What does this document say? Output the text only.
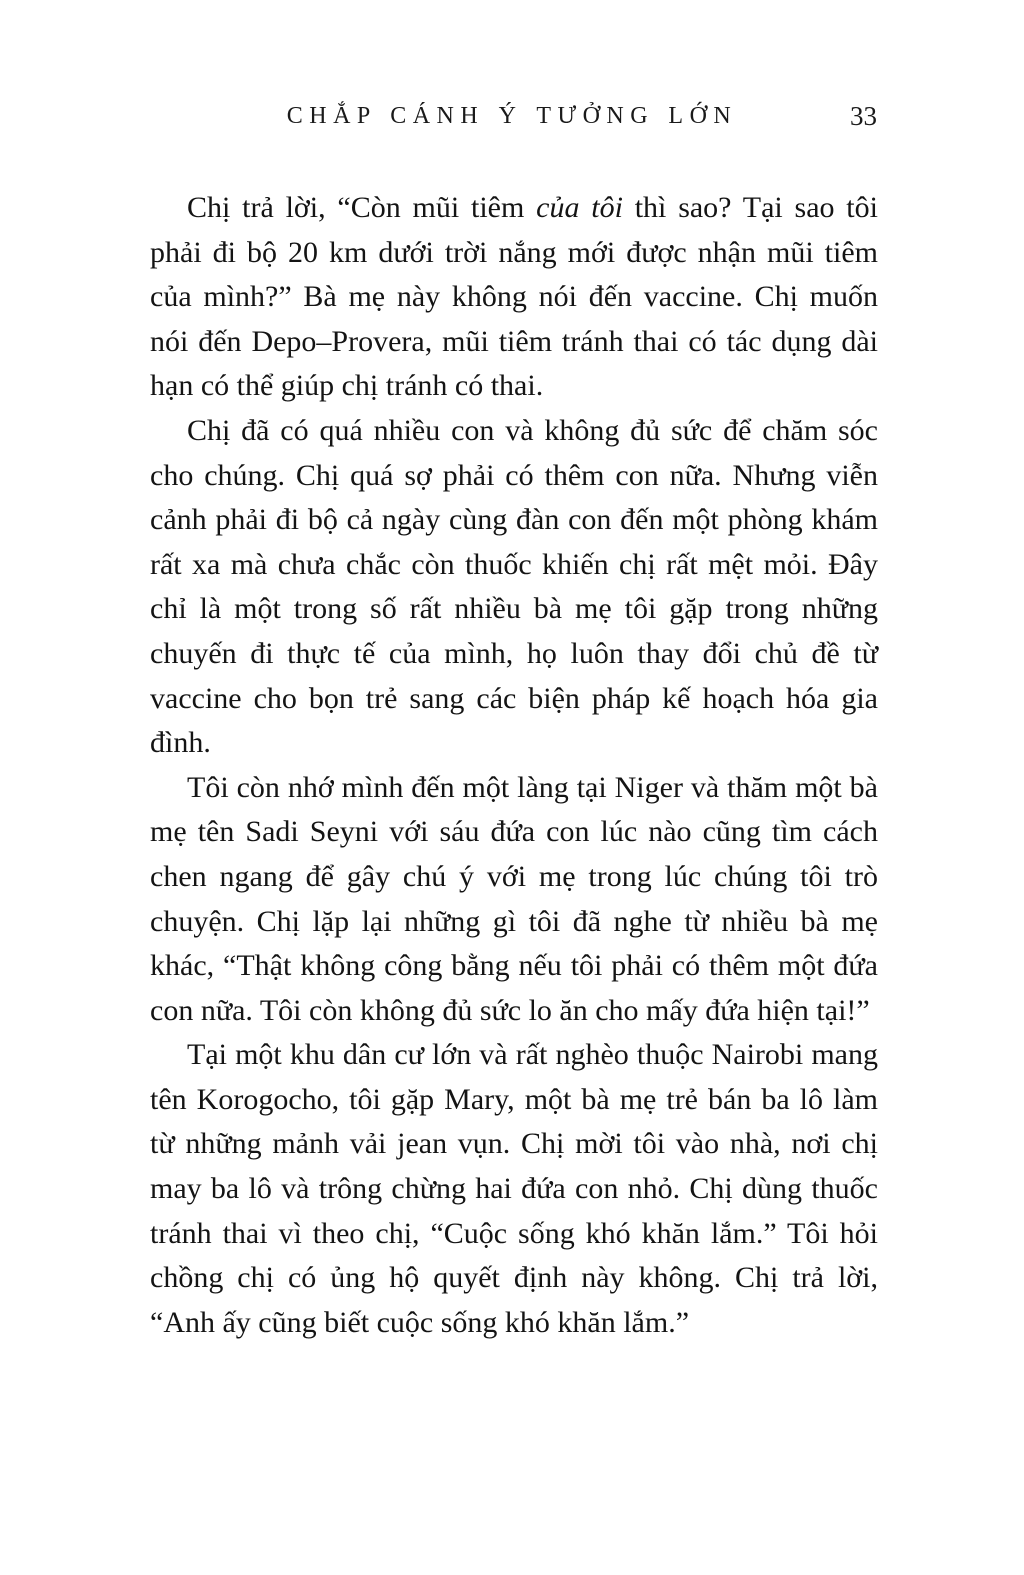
CHẮP CÁNH Ý TƯỞNG LỚN	33

Chị trả lời, “Còn mũi tiêm của tôi thì sao? Tại sao tôi phải đi bộ 20 km dưới trời nắng mới được nhận mũi tiêm của mình?” Bà mẹ này không nói đến vaccine. Chị muốn nói đến Depo–Provera, mũi tiêm tránh thai có tác dụng dài hạn có thể giúp chị tránh có thai.

Chị đã có quá nhiều con và không đủ sức để chăm sóc cho chúng. Chị quá sợ phải có thêm con nữa. Nhưng viễn cảnh phải đi bộ cả ngày cùng đàn con đến một phòng khám rất xa mà chưa chắc còn thuốc khiến chị rất mệt mỏi. Đây chỉ là một trong số rất nhiều bà mẹ tôi gặp trong những chuyến đi thực tế của mình, họ luôn thay đổi chủ đề từ vaccine cho bọn trẻ sang các biện pháp kế hoạch hóa gia đình.

Tôi còn nhớ mình đến một làng tại Niger và thăm một bà mẹ tên Sadi Seyni với sáu đứa con lúc nào cũng tìm cách chen ngang để gây chú ý với mẹ trong lúc chúng tôi trò chuyện. Chị lặp lại những gì tôi đã nghe từ nhiều bà mẹ khác, “Thật không công bằng nếu tôi phải có thêm một đứa con nữa. Tôi còn không đủ sức lo ăn cho mấy đứa hiện tại!”

Tại một khu dân cư lớn và rất nghèo thuộc Nairobi mang tên Korogocho, tôi gặp Mary, một bà mẹ trẻ bán ba lô làm từ những mảnh vải jean vụn. Chị mời tôi vào nhà, nơi chị may ba lô và trông chừng hai đứa con nhỏ. Chị dùng thuốc tránh thai vì theo chị, “Cuộc sống khó khăn lắm.” Tôi hỏi chồng chị có ủng hộ quyết định này không. Chị trả lời, “Anh ấy cũng biết cuộc sống khó khăn lắm.”
